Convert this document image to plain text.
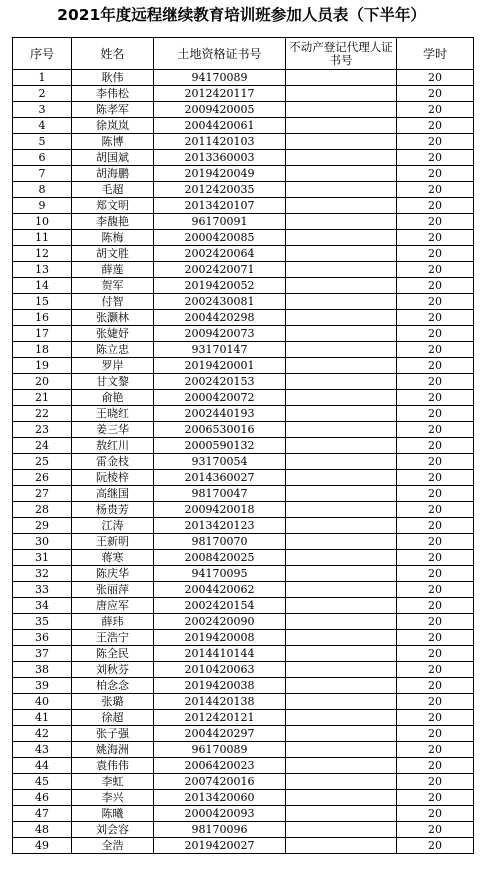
2021年度远程继续教育培训班参加人员表（下半年）
序号	姓名	土地资格证书号	不动产登记代理人证书号	学时
1	耿伟	94170089		20
2	李伟松	2012420117		20
3	陈孝军	2009420005		20
4	徐岚岚	2004420061		20
5	陈博	2011420103		20
6	胡国斌	2013360003		20
7	胡海鹏	2019420049		20
8	毛超	2012420035		20
9	郑文明	2013420107		20
10	李馥艳	96170091		20
11	陈梅	2000420085		20
12	胡文胜	2002420064		20
13	薛莲	2002420071		20
14	贺军	2019420052		20
15	付智	2002430081		20
16	张灏林	2004420298		20
17	张婕妤	2009420073		20
18	陈立忠	93170147		20
19	罗岸	2019420001		20
20	甘文黎	2002420153		20
21	俞艳	2000420072		20
22	王晓红	2002440193		20
23	姜三华	2006530016		20
24	敖红川	2000590132		20
25	雷金枝	93170054		20
26	阮棱梓	2014360027		20
27	高继国	98170047		20
28	杨贵芳	2009420018		20
29	江涛	2013420123		20
30	王新明	98170070		20
31	蒋寒	2008420025		20
32	陈庆华	94170095		20
33	张丽萍	2004420062		20
34	唐应军	2002420154		20
35	薛玮	2002420090		20
36	王浩宁	2019420008		20
37	陈全民	2014410144		20
38	刘秋芬	2010420063		20
39	柏念念	2019420038		20
40	张璐	2014420138		20
41	徐超	2012420121		20
42	张子强	2004420297		20
43	姚海洲	96170089		20
44	袁伟伟	2006420023		20
45	李虹	2007420016		20
46	李兴	2013420060		20
47	陈曦	2000420093		20
48	刘会容	98170096		20
49	全浩	2019420027		20
